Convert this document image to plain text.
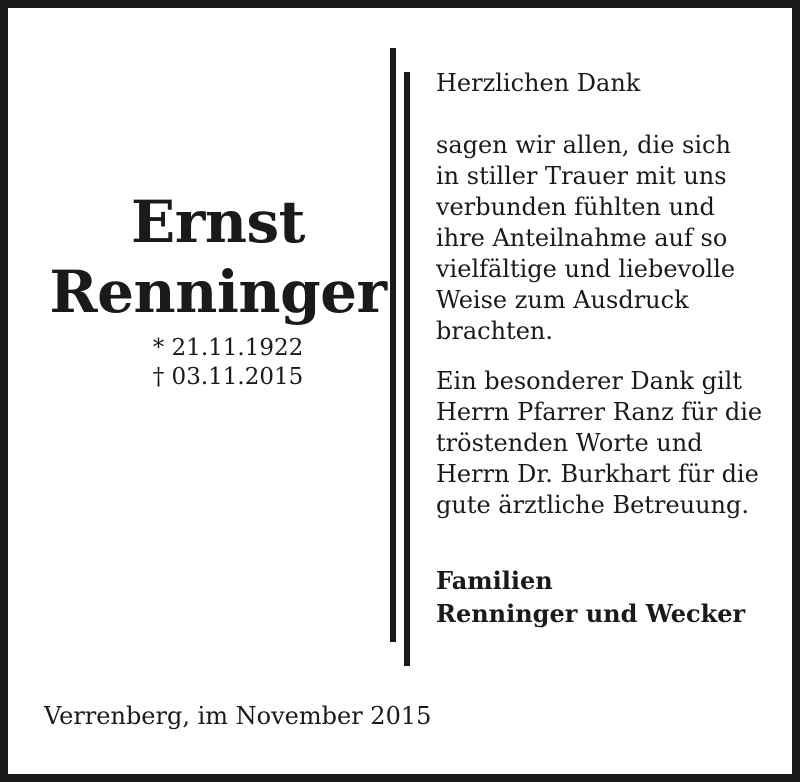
Ernst
Renninger
* 21.11.1922
† 03.11.2015
Herzlichen Dank
sagen wir allen, die sich
in stiller Trauer mit uns
verbunden fühlten und
ihre Anteilnahme auf so
vielfältige und liebevolle
Weise zum Ausdruck
brachten.
Ein besonderer Dank gilt
Herrn Pfarrer Ranz für die
tröstenden Worte und
Herrn Dr. Burkhart für die
gute ärztliche Betreuung.
Familien
Renninger und Wecker
Verrenberg, im November 2015
